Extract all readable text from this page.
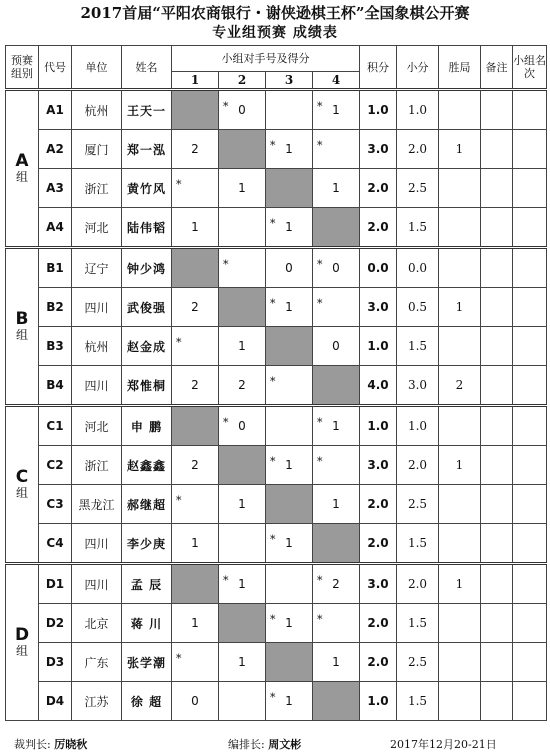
2017首届“平阳农商银行・谢侠逊棋王杯”全国象棋公开赛
专业组预赛 成绩表
预赛组别	代号	单位	姓名	小组对手号及得分				积分	小分	胜局	备注	小组名次
				1	2	3	4					

A
组	A1	杭州	王天一		* 0		* 1	1.0	1.0			
	A2	厦门	郑一泓	2		* 1	*	3.0	2.0	1		
	A3	浙江	黄竹风	*	1		1	2.0	2.5			
	A4	河北	陆伟韬	1		* 1		2.0	1.5			

B
组	B1	辽宁	钟少鸿		*	0	* 0	0.0	0.0			
	B2	四川	武俊强	2		* 1	*	3.0	0.5	1		
	B3	杭州	赵金成	*	1		0	1.0	1.5			
	B4	四川	郑惟桐	2	2	*		4.0	3.0	2		

C
组	C1	河北	申 鹏		* 0		* 1	1.0	1.0			
	C2	浙江	赵鑫鑫	2		* 1	*	3.0	2.0	1		
	C3	黑龙江	郝继超	*	1		1	2.0	2.5			
	C4	四川	李少庚	1		* 1		2.0	1.5			

D
组	D1	四川	孟 辰		* 1		* 2	3.0	2.0	1		
	D2	北京	蒋 川	1		* 1	*	2.0	1.5			
	D3	广东	张学潮	*	1		1	2.0	2.5			
	D4	江苏	徐 超	0		* 1		1.0	1.5			
裁判长: 厉晓秋	编排长: 周文彬	2017年12月20-21日
